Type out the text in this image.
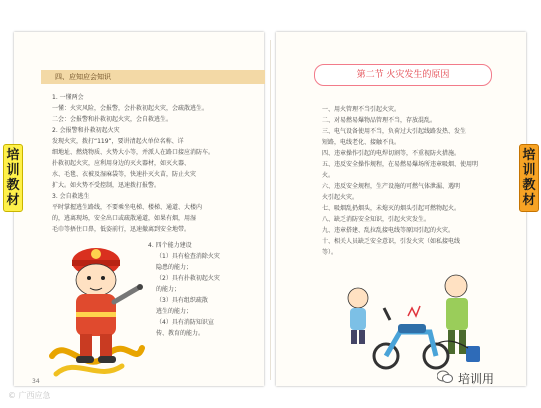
培
训
教
材
培
训
教
材
四、应知应会知识
1. 一懂两会
一懂：火灾风险，会报警，会扑救初起火灾，会疏散逃生。
二会：会报警和扑救初起火灾，会自救逃生。
2. 会报警和扑救初起火灾
发现火灾，拨打“119”，要讲清起火单位名称、详
细地址、燃烧物质、火势大小等，并派人在路口接应消防车。
扑救初起火灾，应利用身边的灭火器材，如灭火器、
水、毛毯、衣被及湿麻袋等，快速扑灭火苗，防止火灾
扩大。如火势不受控制，迅速拨打报警。
3. 会自救逃生
平时掌握逃生路线，不要乘坐电梯、楼梯、通道、大楼内
的，逃离现场，安全出口或疏散通道，如果有烟，用湿
毛巾等捂住口鼻，低姿前行，迅速撤离到安全地带。
4. 四个能力建设
（1）具有检查消除火灾
隐患的能力；
（2）具有扑救初起火灾
的能力；
（3）具有组织疏散
逃生的能力；
（4）具有消防知识宣
传、教育的能力。
第二节 火灾发生的原因
一、用火管理不当引起火灾。
二、对易燃易爆物品管理不当，存放混乱。
三、电气设备使用不当，负荷过大引起线路发热、发生
短路，电线老化、接触不良。
四、违章操作引起的电焊切割等，不重视防火措施。
五、违反安全操作规程，在易燃易爆场所违章吸烟、使用明
火。
六、违反安全规程，生产设施的可燃气体泄漏、遇明
火引起火灾。
七、吸烟乱扔烟头，未熄灭的烟头引起可燃物起火。
八、缺乏消防安全知识，引起火灾发生。
九、违章搭建、乱拉乱接电线等原因引起的火灾。
十、相关人员缺乏安全意识，引发火灾（如私接电线
等）。
34
© 广西应急
培训用
